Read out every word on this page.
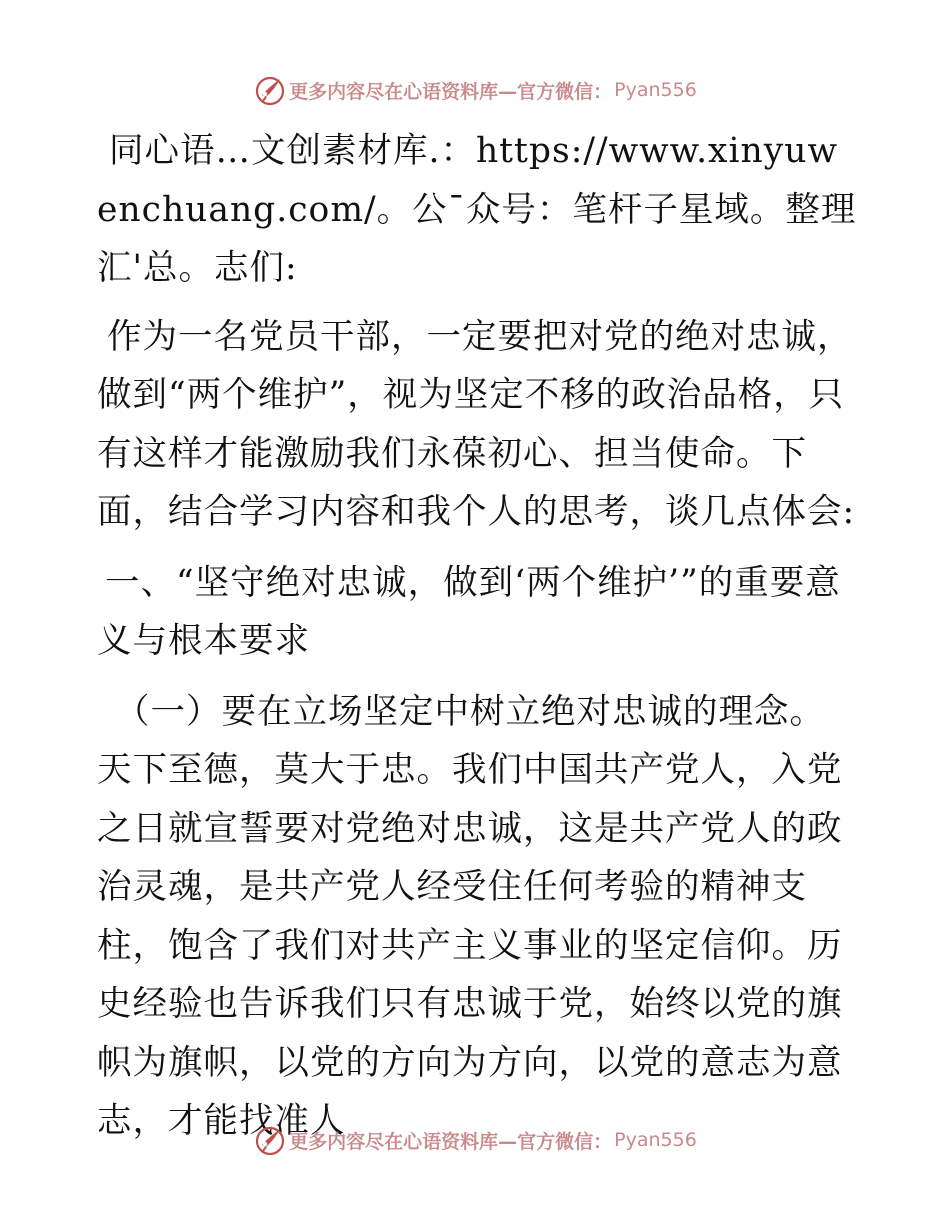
更多内容尽在心语资料库—官方微信： Pyan556

同心语…文创素材库.：https://www.xinyuwenchuang.com/。公¯众号：笔杆子星域。整理汇'总。志们:

作为一名党员干部，一定要把对党的绝对忠诚，做到“两个维护”，视为坚定不移的政治品格，只有这样才能激励我们永葆初心、担当使命。下面，结合学习内容和我个人的思考，谈几点体会:

一、“坚守绝对忠诚，做到‘两个维护’”的重要意义与根本要求

（一）要在立场坚定中树立绝对忠诚的理念。天下至德，莫大于忠。我们中国共产党人，入党之日就宣誓要对党绝对忠诚，这是共产党人的政治灵魂，是共产党人经受住任何考验的精神支柱，饱含了我们对共产主义事业的坚定信仰。历史经验也告诉我们只有忠诚于党，始终以党的旗帜为旗帜，以党的方向为方向，以党的意志为意志，才能找准人

更多内容尽在心语资料库—官方微信： Pyan556
